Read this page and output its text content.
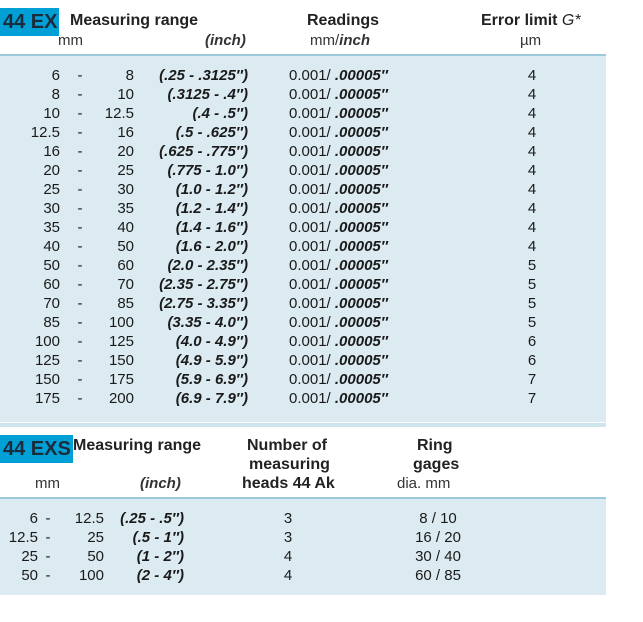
44 EX Measuring range
mm	(inch)
Readings
mm/inch
Error limit G*
µm
6	-	8	(.25 - .3125″)	0.001/ .00005″	4
8	-	10	(.3125 - .4″)	0.001/ .00005″	4
10	-	12.5	(.4 - .5″)	0.001/ .00005″	4
12.5	-	16	(.5 - .625″)	0.001/ .00005″	4
16	-	20	(.625 - .775″)	0.001/ .00005″	4
20	-	25	(.775 - 1.0″)	0.001/ .00005″	4
25	-	30	(1.0 - 1.2″)	0.001/ .00005″	4
30	-	35	(1.2 - 1.4″)	0.001/ .00005″	4
35	-	40	(1.4 - 1.6″)	0.001/ .00005″	4
40	-	50	(1.6 - 2.0″)	0.001/ .00005″	4
50	-	60	(2.0 - 2.35″)	0.001/ .00005″	5
60	-	70	(2.35 - 2.75″)	0.001/ .00005″	5
70	-	85	(2.75 - 3.35″)	0.001/ .00005″	5
85	-	100	(3.35 - 4.0″)	0.001/ .00005″	5
100	-	125	(4.0 - 4.9″)	0.001/ .00005″	6
125	-	150	(4.9 - 5.9″)	0.001/ .00005″	6
150	-	175	(5.9 - 6.9″)	0.001/ .00005″	7
175	-	200	(6.9 - 7.9″)	0.001/ .00005″	7
44 EXS Measuring range
mm	(inch)
Number of
measuring
heads 44 Ak
Ring
gages
dia. mm
6 -	12.5	(.25 - .5″)	3	8 / 10
12.5 -	25	(.5 - 1″)	3	16 / 20
25 -	50	(1 - 2″)	4	30 / 40
50 -	100	(2 - 4″)	4	60 / 85
